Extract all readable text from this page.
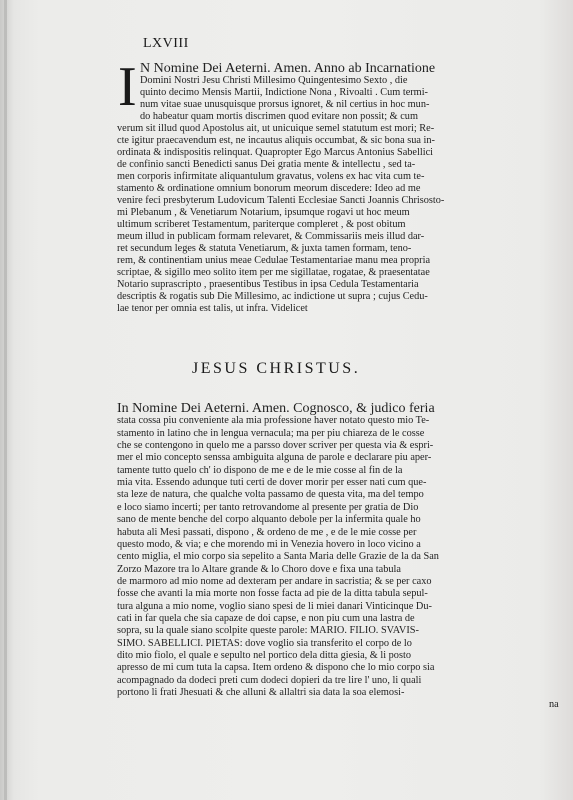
LXVIII
I N Nomine Dei Aeterni. Amen. Anno ab Incarnatione
Domini Nostri Jesu Christi Millesimo Quingentesimo Sexto , die
quinto decimo Mensis Martii, Indictione Nona , Rivoalti . Cum termi-
num vitae suae unusquisque prorsus ignoret, & nil certius in hoc mun-
do habeatur quam mortis discrimen quod evitare non possit; & cum
verum sit illud quod Apostolus ait, ut unicuique semel statutum est mori; Re-
cte igitur praecavendum est, ne incautus aliquis occumbat, & sic bona sua in-
ordinata & indispositis relinquat. Quapropter Ego Marcus Antonius Sabellici
de confinio sancti Benedicti sanus Dei gratia mente & intellectu , sed ta-
men corporis infirmitate aliquantulum gravatus, volens ex hac vita cum te-
stamento & ordinatione omnium bonorum meorum discedere: Ideo ad me
venire feci presbyterum Ludovicum Talenti Ecclesiae Sancti Joannis Chrisosto-
mi Plebanum , & Venetiarum Notarium, ipsumque rogavi ut hoc meum
ultimum scriberet Testamentum, pariterque compleret , & post obitum
meum illud in publicam formam relevaret, & Commissariis meis illud dar-
ret secundum leges & statuta Venetiarum, & juxta tamen formam, teno-
rem, & continentiam unius meae Cedulae Testamentariae manu mea propria
scriptae, & sigillo meo solito item per me sigillatae, rogatae, & praesentatae
Notario suprascripto , praesentibus Testibus in ipsa Cedula Testamentaria
descriptis & rogatis sub Die Millesimo, ac indictione ut supra ; cujus Cedu-
lae tenor per omnia est talis, ut infra. Videlicet
JESUS CHRISTUS.
In Nomine Dei Aeterni. Amen. Cognosco, & judico feria
stata cossa piu conveniente ala mia professione haver notato questo mio Te-
stamento in latino che in lengua vernacula; ma per piu chiareza de le cosse
che se contengono in quelo me a parsso dover scriver per questa via & espri-
mer el mio concepto senssa ambiguita alguna de parole e declarare piu aper-
tamente tutto quelo ch' io dispono de me e de le mie cosse al fin de la
mia vita. Essendo adunque tuti certi de dover morir per esser nati cum que-
sta leze de natura, che qualche volta passamo de questa vita, ma del tempo
e loco siamo incerti; per tanto retrovandome al presente per gratia de Dio
sano de mente benche del corpo alquanto debole per la infermita quale ho
habuta ali Mesi passati, dispono , & ordeno de me , e de le mie cosse per
questo modo, & via; e che morendo mi in Venezia hovero in loco vicino a
cento miglia, el mio corpo sia sepelito a Santa Maria delle Grazie de la da San
Zorzo Mazore tra lo Altare grande & lo Choro dove e fixa una tabula
de marmoro ad mio nome ad dexteram per andare in sacristia; & se per caxo
fosse che avanti la mia morte non fosse facta ad pie de la ditta tabula sepul-
tura alguna a mio nome, voglio siano spesi de li miei danari Vinticinque Du-
cati in far quela che sia capaze de doi capse, e non piu cum una lastra de
sopra, su la quale siano scolpite queste parole: MARIO. FILIO. SVAVIS-
SIMO. SABELLICI. PIETAS: dove voglio sia transferito el corpo de lo
dito mio fiolo, el quale e sepulto nel portico dela ditta giesia, & li posto
apresso de mi cum tuta la capsa. Item ordeno & dispono che lo mio corpo sia
acompagnado da dodeci preti cum dodeci dopieri da tre lire l' uno, li quali
portono li frati Jhesuati & che alluni & allaltri sia data la soa elemosi-
na
